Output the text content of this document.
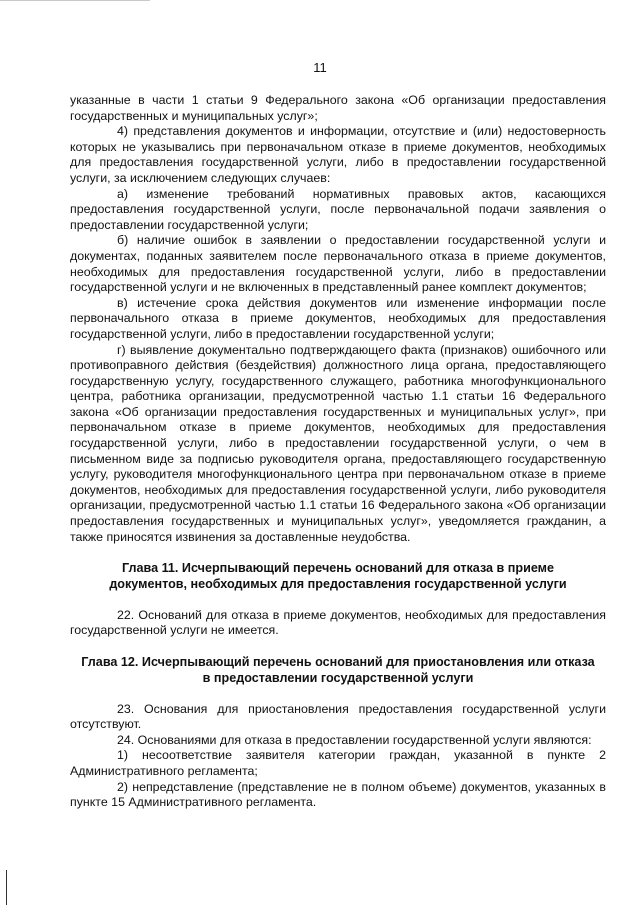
11

указанные в части 1 статьи 9 Федерального закона «Об организации предоставления государственных и муниципальных услуг»;

4) представления документов и информации, отсутствие и (или) недостоверность которых не указывались при первоначальном отказе в приеме документов, необходимых для предоставления государственной услуги, либо в предоставлении государственной услуги, за исключением следующих случаев:

а) изменение требований нормативных правовых актов, касающихся предоставления государственной услуги, после первоначальной подачи заявления о предоставлении государственной услуги;

б) наличие ошибок в заявлении о предоставлении государственной услуги и документах, поданных заявителем после первоначального отказа в приеме документов, необходимых для предоставления государственной услуги, либо в предоставлении государственной услуги и не включенных в представленный ранее комплект документов;

в) истечение срока действия документов или изменение информации после первоначального отказа в приеме документов, необходимых для предоставления государственной услуги, либо в предоставлении государственной услуги;

г) выявление документально подтверждающего факта (признаков) ошибочного или противоправного действия (бездействия) должностного лица органа, предоставляющего государственную услугу, государственного служащего, работника многофункционального центра, работника организации, предусмотренной частью 1.1 статьи 16 Федерального закона «Об организации предоставления государственных и муниципальных услуг», при первоначальном отказе в приеме документов, необходимых для предоставления государственной услуги, либо в предоставлении государственной услуги, о чем в письменном виде за подписью руководителя органа, предоставляющего государственную услугу, руководителя многофункционального центра при первоначальном отказе в приеме документов, необходимых для предоставления государственной услуги, либо руководителя организации, предусмотренной частью 1.1 статьи 16 Федерального закона «Об организации предоставления государственных и муниципальных услуг», уведомляется гражданин, а также приносятся извинения за доставленные неудобства.

Глава 11. Исчерпывающий перечень оснований для отказа в приеме
документов, необходимых для предоставления государственной услуги

22. Оснований для отказа в приеме документов, необходимых для предоставления государственной услуги не имеется.

Глава 12. Исчерпывающий перечень оснований для приостановления или отказа
в предоставлении государственной услуги

23. Основания для приостановления предоставления государственной услуги отсутствуют.

24. Основаниями для отказа в предоставлении государственной услуги являются:

1) несоответствие заявителя категории граждан, указанной в пункте 2 Административного регламента;

2) непредставление (представление не в полном объеме) документов, указанных в пункте 15 Административного регламента.
